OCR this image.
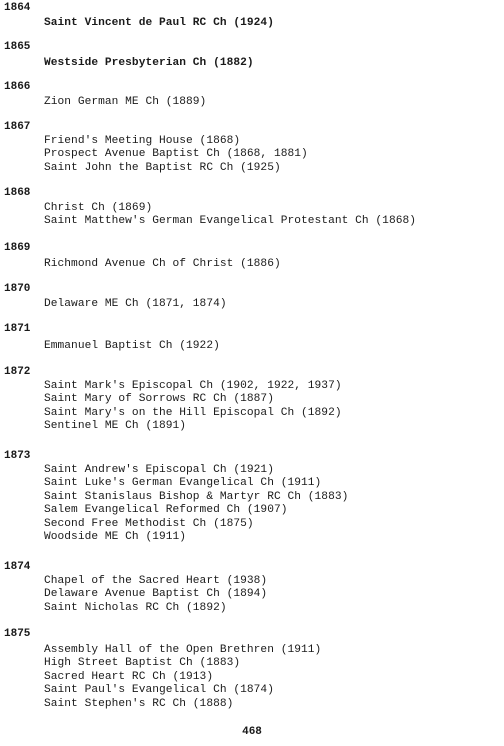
1864
Saint Vincent de Paul RC Ch (1924)
1865
Westside Presbyterian Ch (1882)
1866
Zion German ME Ch (1889)
1867
Friend's Meeting House (1868)
Prospect Avenue Baptist Ch (1868, 1881)
Saint John the Baptist RC Ch (1925)
1868
Christ Ch (1869)
Saint Matthew's German Evangelical Protestant Ch (1868)
1869
Richmond Avenue Ch of Christ (1886)
1870
Delaware ME Ch (1871, 1874)
1871
Emmanuel Baptist Ch (1922)
1872
Saint Mark's Episcopal Ch (1902, 1922, 1937)
Saint Mary of Sorrows RC Ch (1887)
Saint Mary's on the Hill Episcopal Ch (1892)
Sentinel ME Ch (1891)
1873
Saint Andrew's Episcopal Ch (1921)
Saint Luke's German Evangelical Ch (1911)
Saint Stanislaus Bishop & Martyr RC Ch (1883)
Salem Evangelical Reformed Ch (1907)
Second Free Methodist Ch (1875)
Woodside ME Ch (1911)
1874
Chapel of the Sacred Heart (1938)
Delaware Avenue Baptist Ch (1894)
Saint Nicholas RC Ch (1892)
1875
Assembly Hall of the Open Brethren (1911)
High Street Baptist Ch (1883)
Sacred Heart RC Ch (1913)
Saint Paul's Evangelical Ch (1874)
Saint Stephen's RC Ch (1888)
468
